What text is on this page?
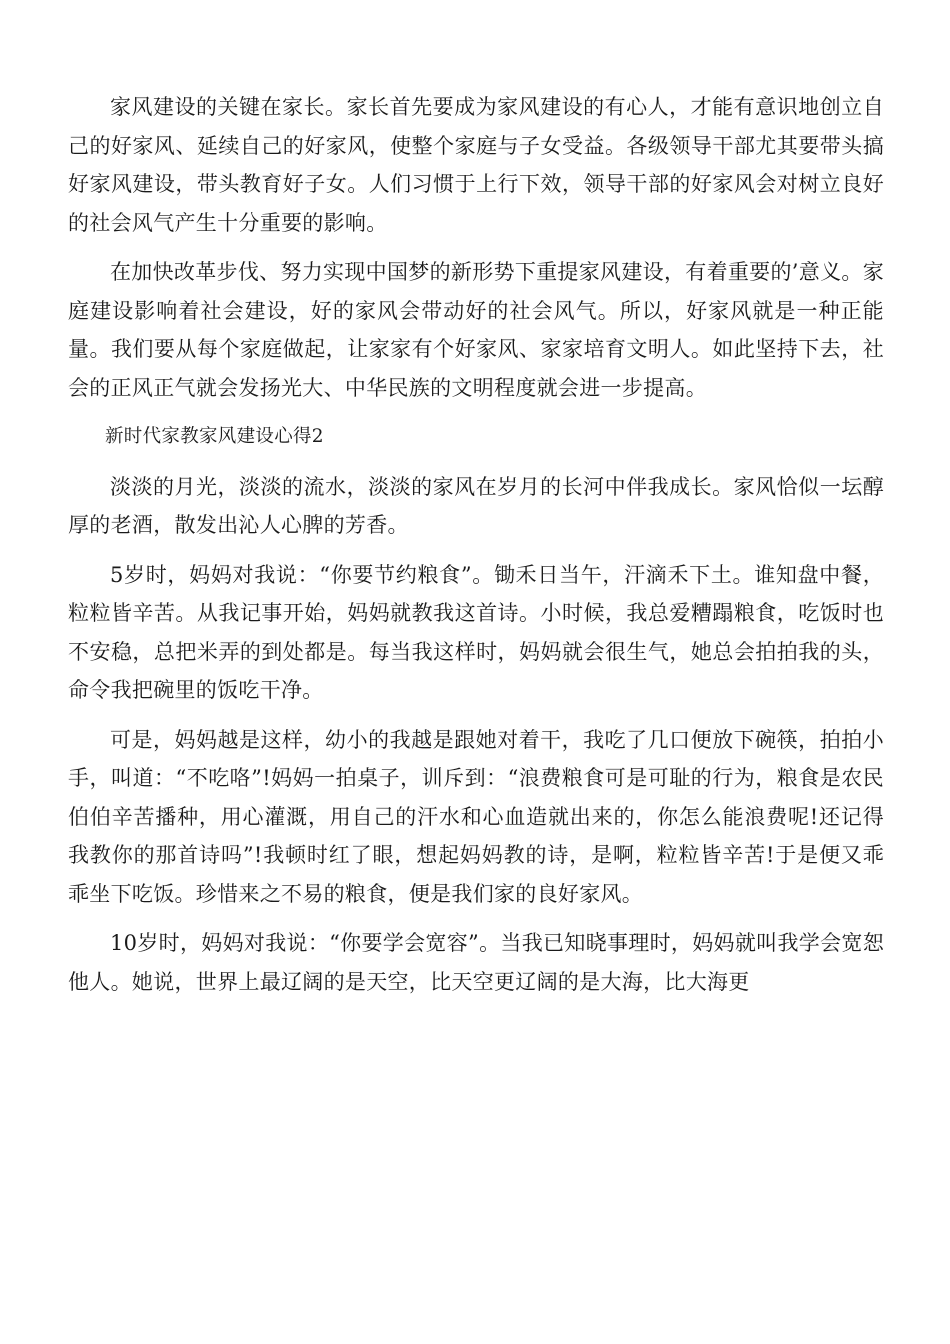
家风建设的关键在家长。家长首先要成为家风建设的有心人，才能有意识地创立自己的好家风、延续自己的好家风，使整个家庭与子女受益。各级领导干部尤其要带头搞好家风建设，带头教育好子女。人们习惯于上行下效，领导干部的好家风会对树立良好的社会风气产生十分重要的影响。

在加快改革步伐、努力实现中国梦的新形势下重提家风建设，有着重要的’意义。家庭建设影响着社会建设，好的家风会带动好的社会风气。所以，好家风就是一种正能量。我们要从每个家庭做起，让家家有个好家风、家家培育文明人。如此坚持下去，社会的正风正气就会发扬光大、中华民族的文明程度就会进一步提高。

新时代家教家风建设心得2

淡淡的月光，淡淡的流水，淡淡的家风在岁月的长河中伴我成长。家风恰似一坛醇厚的老酒，散发出沁人心脾的芳香。

5岁时，妈妈对我说：“你要节约粮食”。锄禾日当午，汗滴禾下土。谁知盘中餐，粒粒皆辛苦。从我记事开始，妈妈就教我这首诗。小时候，我总爱糟蹋粮食，吃饭时也不安稳，总把米弄的到处都是。每当我这样时，妈妈就会很生气，她总会拍拍我的头，命令我把碗里的饭吃干净。

可是，妈妈越是这样，幼小的我越是跟她对着干，我吃了几口便放下碗筷，拍拍小手，叫道：“不吃咯”!妈妈一拍桌子，训斥到：“浪费粮食可是可耻的行为，粮食是农民伯伯辛苦播种，用心灌溉，用自己的汗水和心血造就出来的，你怎么能浪费呢!还记得我教你的那首诗吗”!我顿时红了眼，想起妈妈教的诗，是啊，粒粒皆辛苦!于是便又乖乖坐下吃饭。珍惜来之不易的粮食，便是我们家的良好家风。

10岁时，妈妈对我说：“你要学会宽容”。当我已知晓事理时，妈妈就叫我学会宽恕他人。她说，世界上最辽阔的是天空，比天空更辽阔的是大海，比大海更
